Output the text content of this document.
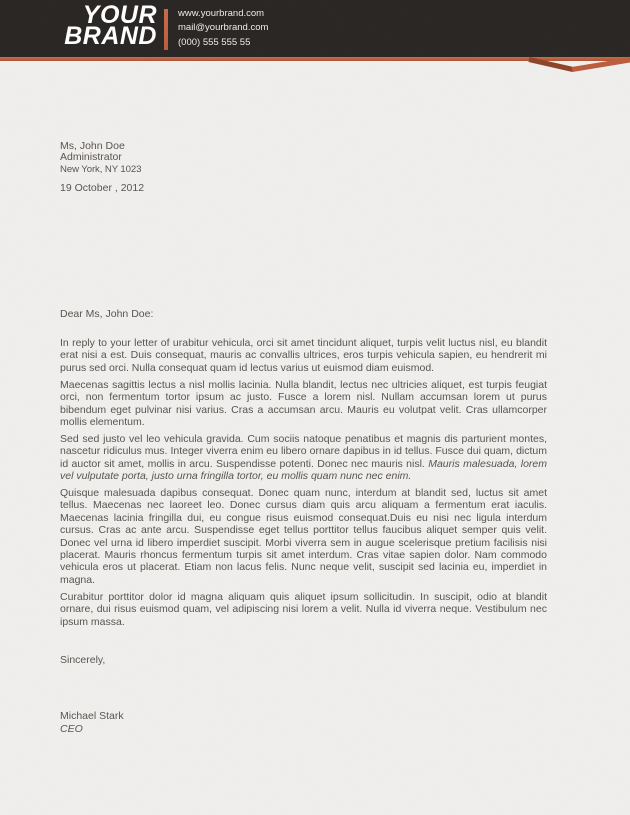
YOUR
BRAND
www.yourbrand.com
mail@yourbrand.com
(000) 555 555 55
Ms, John Doe
Administrator
New York, NY 1023
19 October , 2012
Dear Ms, John Doe:

In reply to your letter of urabitur vehicula, orci sit amet tincidunt aliquet, turpis velit luctus nisl, eu blandit erat nisi a est. Duis consequat, mauris ac convallis ultrices, eros turpis vehicula sapien, eu hendrerit mi purus sed orci. Nulla consequat quam id lectus varius ut euismod diam euismod.

Maecenas sagittis lectus a nisl mollis lacinia. Nulla blandit, lectus nec ultricies aliquet, est turpis feugiat orci, non fermentum tortor ipsum ac justo. Fusce a lorem nisl. Nullam accumsan lorem ut purus bibendum eget pulvinar nisi varius. Cras a accumsan arcu. Mauris eu volutpat velit. Cras ullamcorper mollis elementum.

Sed sed justo vel leo vehicula gravida. Cum sociis natoque penatibus et magnis dis parturient montes, nascetur ridiculus mus. Integer viverra enim eu libero ornare dapibus in id tellus. Fusce dui quam, dictum id auctor sit amet, mollis in arcu. Suspendisse potenti. Donec nec mauris nisl. Mauris malesuada, lorem vel vulputate porta, justo urna fringilla tortor, eu mollis quam nunc nec enim.

Quisque malesuada dapibus consequat. Donec quam nunc, interdum at blandit sed, luctus sit amet tellus. Maecenas nec laoreet leo. Donec cursus diam quis arcu aliquam a fermentum erat iaculis. Maecenas lacinia fringilla dui, eu congue risus euismod consequat.Duis eu nisi nec ligula interdum cursus. Cras ac ante arcu. Suspendisse eget tellus porttitor tellus faucibus aliquet semper quis velit. Donec vel urna id libero imperdiet suscipit. Morbi viverra sem in augue scelerisque pretium facilisis nisi placerat. Mauris rhoncus fermentum turpis sit amet interdum. Cras vitae sapien dolor. Nam commodo vehicula eros ut placerat. Etiam non lacus felis. Nunc neque velit, suscipit sed lacinia eu, imperdiet in magna.

Curabitur porttitor dolor id magna aliquam quis aliquet ipsum sollicitudin. In suscipit, odio at blandit ornare, dui risus euismod quam, vel adipiscing nisi lorem a velit. Nulla id viverra neque. Vestibulum nec ipsum massa.

Sincerely,
Michael Stark
CEO
